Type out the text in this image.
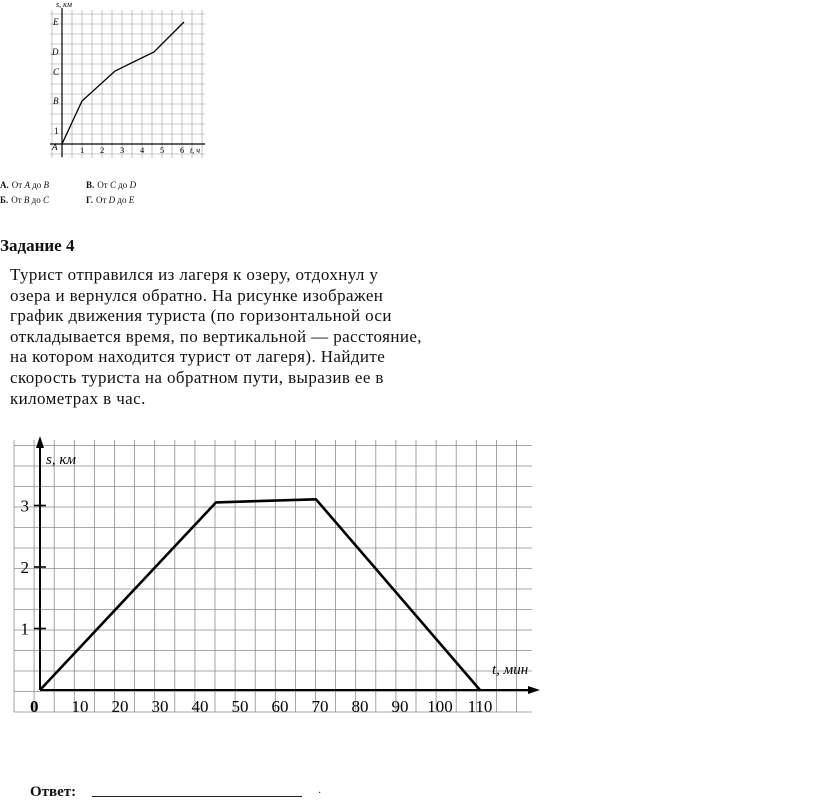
s, км
t, ч
E
D
C
B
1
A	1 2 3 4 5 6
А. От A до B	В. От C до D
Б. От B до C	Г. От D до E
Задание 4
Турист отправился из лагеря к озеру, отдохнул у
озера и вернулся обратно. На рисунке изображен
график движения туриста (по горизонтальной оси
откладывается время, по вертикальной — расстояние,
на котором находится турист от лагеря). Найдите
скорость туриста на обратном пути, выразив ее в
километрах в час.
0 10 20 30 40 50 60 70 80 90 100 110
1
2
3
s, км
t, мин
Ответ:	·
